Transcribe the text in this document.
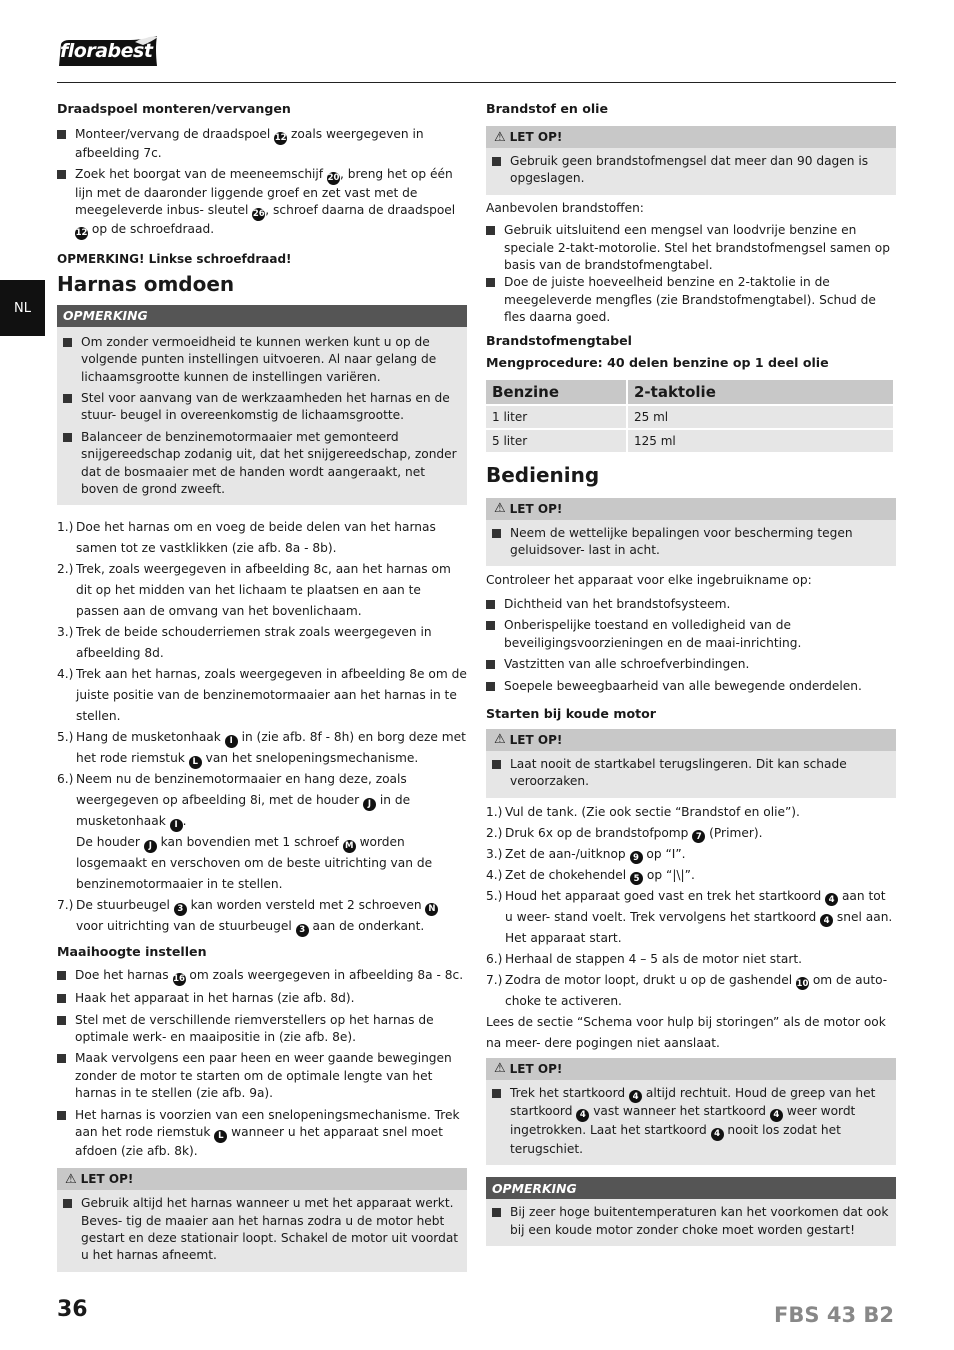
florabest
NL

Draadspoel monteren/vervangen

Monteer/vervang de draadspoel 12 zoals weergegeven in afbeelding 7c.
Zoek het boorgat van de meeneemschijf 20, breng het op één lijn met de daaronder liggende groef en zet vast met de meegeleverde inbus- sleutel 26, schroef daarna de draadspoel 12 op de schroefdraad.

OPMERKING! Linkse schroefdraad!

Harnas omdoen

OPMERKING
Om zonder vermoeidheid te kunnen werken kunt u op de volgende punten instellingen uitvoeren. Al naar gelang de lichaamsgrootte kunnen de instellingen variëren.
Stel voor aanvang van de werkzaamheden het harnas en de stuur- beugel in overeenkomstig de lichaamsgrootte.
Balanceer de benzinemotormaaier met gemonteerd snijgereedschap zodanig uit, dat het snijgereedschap, zonder dat de bosmaaier met de handen wordt aangeraakt, net boven de grond zweeft.
1.) Doe het harnas om en voeg de beide delen van het harnas samen tot ze vastklikken (zie afb. 8a - 8b).
2.) Trek, zoals weergegeven in afbeelding 8c, aan het harnas om dit op het midden van het lichaam te plaatsen en aan te passen aan de omvang van het bovenlichaam.
3.) Trek de beide schouderriemen strak zoals weergegeven in afbeelding 8d.
4.) Trek aan het harnas, zoals weergegeven in afbeelding 8e om de juiste positie van de benzinemotormaaier aan het harnas in te stellen.
5.) Hang de musketonhaak I in (zie afb. 8f - 8h) en borg deze met het rode riemstuk L van het snelopeningsmechanisme.
6.) Neem nu de benzinemotormaaier en hang deze, zoals weergegeven op afbeelding 8i, met de houder J in de musketonhaak I .
De houder J kan bovendien met 1 schroef M worden losgemaakt en verschoven om de beste uitrichting van de benzinemotormaaier in te stellen.
7.) De stuurbeugel 3 kan worden versteld met 2 schroeven N voor uitrichting van de stuurbeugel 3 aan de onderkant.

Maaihoogte instellen

Doe het harnas 16 om zoals weergegeven in afbeelding 8a - 8c.
Haak het apparaat in het harnas (zie afb. 8d).
Stel met de verschillende riemverstellers op het harnas de optimale werk- en maaipositie in (zie afb. 8e).
Maak vervolgens een paar heen en weer gaande bewegingen zonder de motor te starten om de optimale lengte van het harnas in te stellen (zie afb. 9a).
Het harnas is voorzien van een snelopeningsmechanisme. Trek aan het rode riemstuk L wanneer u het apparaat snel moet afdoen (zie afb. 8k).
⚠ LET OP!
Gebruik altijd het harnas wanneer u met het apparaat werkt. Beves- tig de maaier aan het harnas zodra u de motor hebt gestart en deze stationair loopt. Schakel de motor uit voordat u het harnas afneemt.

Brandstof en olie

⚠ LET OP!
Gebruik geen brandstofmengsel dat meer dan 90 dagen is opgeslagen.

Aanbevolen brandstoffen:

Gebruik uitsluitend een mengsel van loodvrije benzine en speciale 2-takt-motorolie. Stel het brandstofmengsel samen op basis van de brandstofmengtabel.
Doe de juiste hoeveelheid benzine en 2-taktolie in de meegeleverde mengfles (zie Brandstofmengtabel). Schud de fles daarna goed.

Brandstofmengtabel

Mengprocedure: 40 delen benzine op 1 deel olie

Benzine	2-taktolie
1 liter	25 ml
5 liter	125 ml

Bediening

⚠ LET OP!
Neem de wettelijke bepalingen voor bescherming tegen geluidsover- last in acht.

Controleer het apparaat voor elke ingebruikname op:

Dichtheid van het brandstofsysteem.
Onberispelijke toestand en volledigheid van de beveiligingsvoorzieningen en de maai-inrichting.
Vastzitten van alle schroefverbindingen.
Soepele beweegbaarheid van alle bewegende onderdelen.

Starten bij koude motor

⚠ LET OP!
Laat nooit de startkabel terugslingeren. Dit kan schade veroorzaken.
1.) Vul de tank. (Zie ook sectie “Brandstof en olie”).
2.) Druk 6x op de brandstofpomp 7 (Primer).
3.) Zet de aan-/uitknop 9 op “I”.
4.) Zet de chokehendel 5 op “|\|”.
5.) Houd het apparaat goed vast en trek het startkoord 4 aan tot u weer- stand voelt. Trek vervolgens het startkoord 4 snel aan. Het apparaat start.
6.) Herhaal de stappen 4 – 5 als de motor niet start.
7.) Zodra de motor loopt, drukt u op de gashendel 10 om de auto-choke te activeren.

Lees de sectie “Schema voor hulp bij storingen” als de motor ook na meer- dere pogingen niet aanslaat.

⚠ LET OP!
Trek het startkoord 4 altijd rechtuit. Houd de greep van het startkoord 4 vast wanneer het startkoord 4 weer wordt ingetrokken. Laat het startkoord 4 nooit los zodat het terugschiet.
OPMERKING
Bij zeer hoge buitentemperaturen kan het voorkomen dat ook bij een koude motor zonder choke moet worden gestart!
36	FBS 43 B2
